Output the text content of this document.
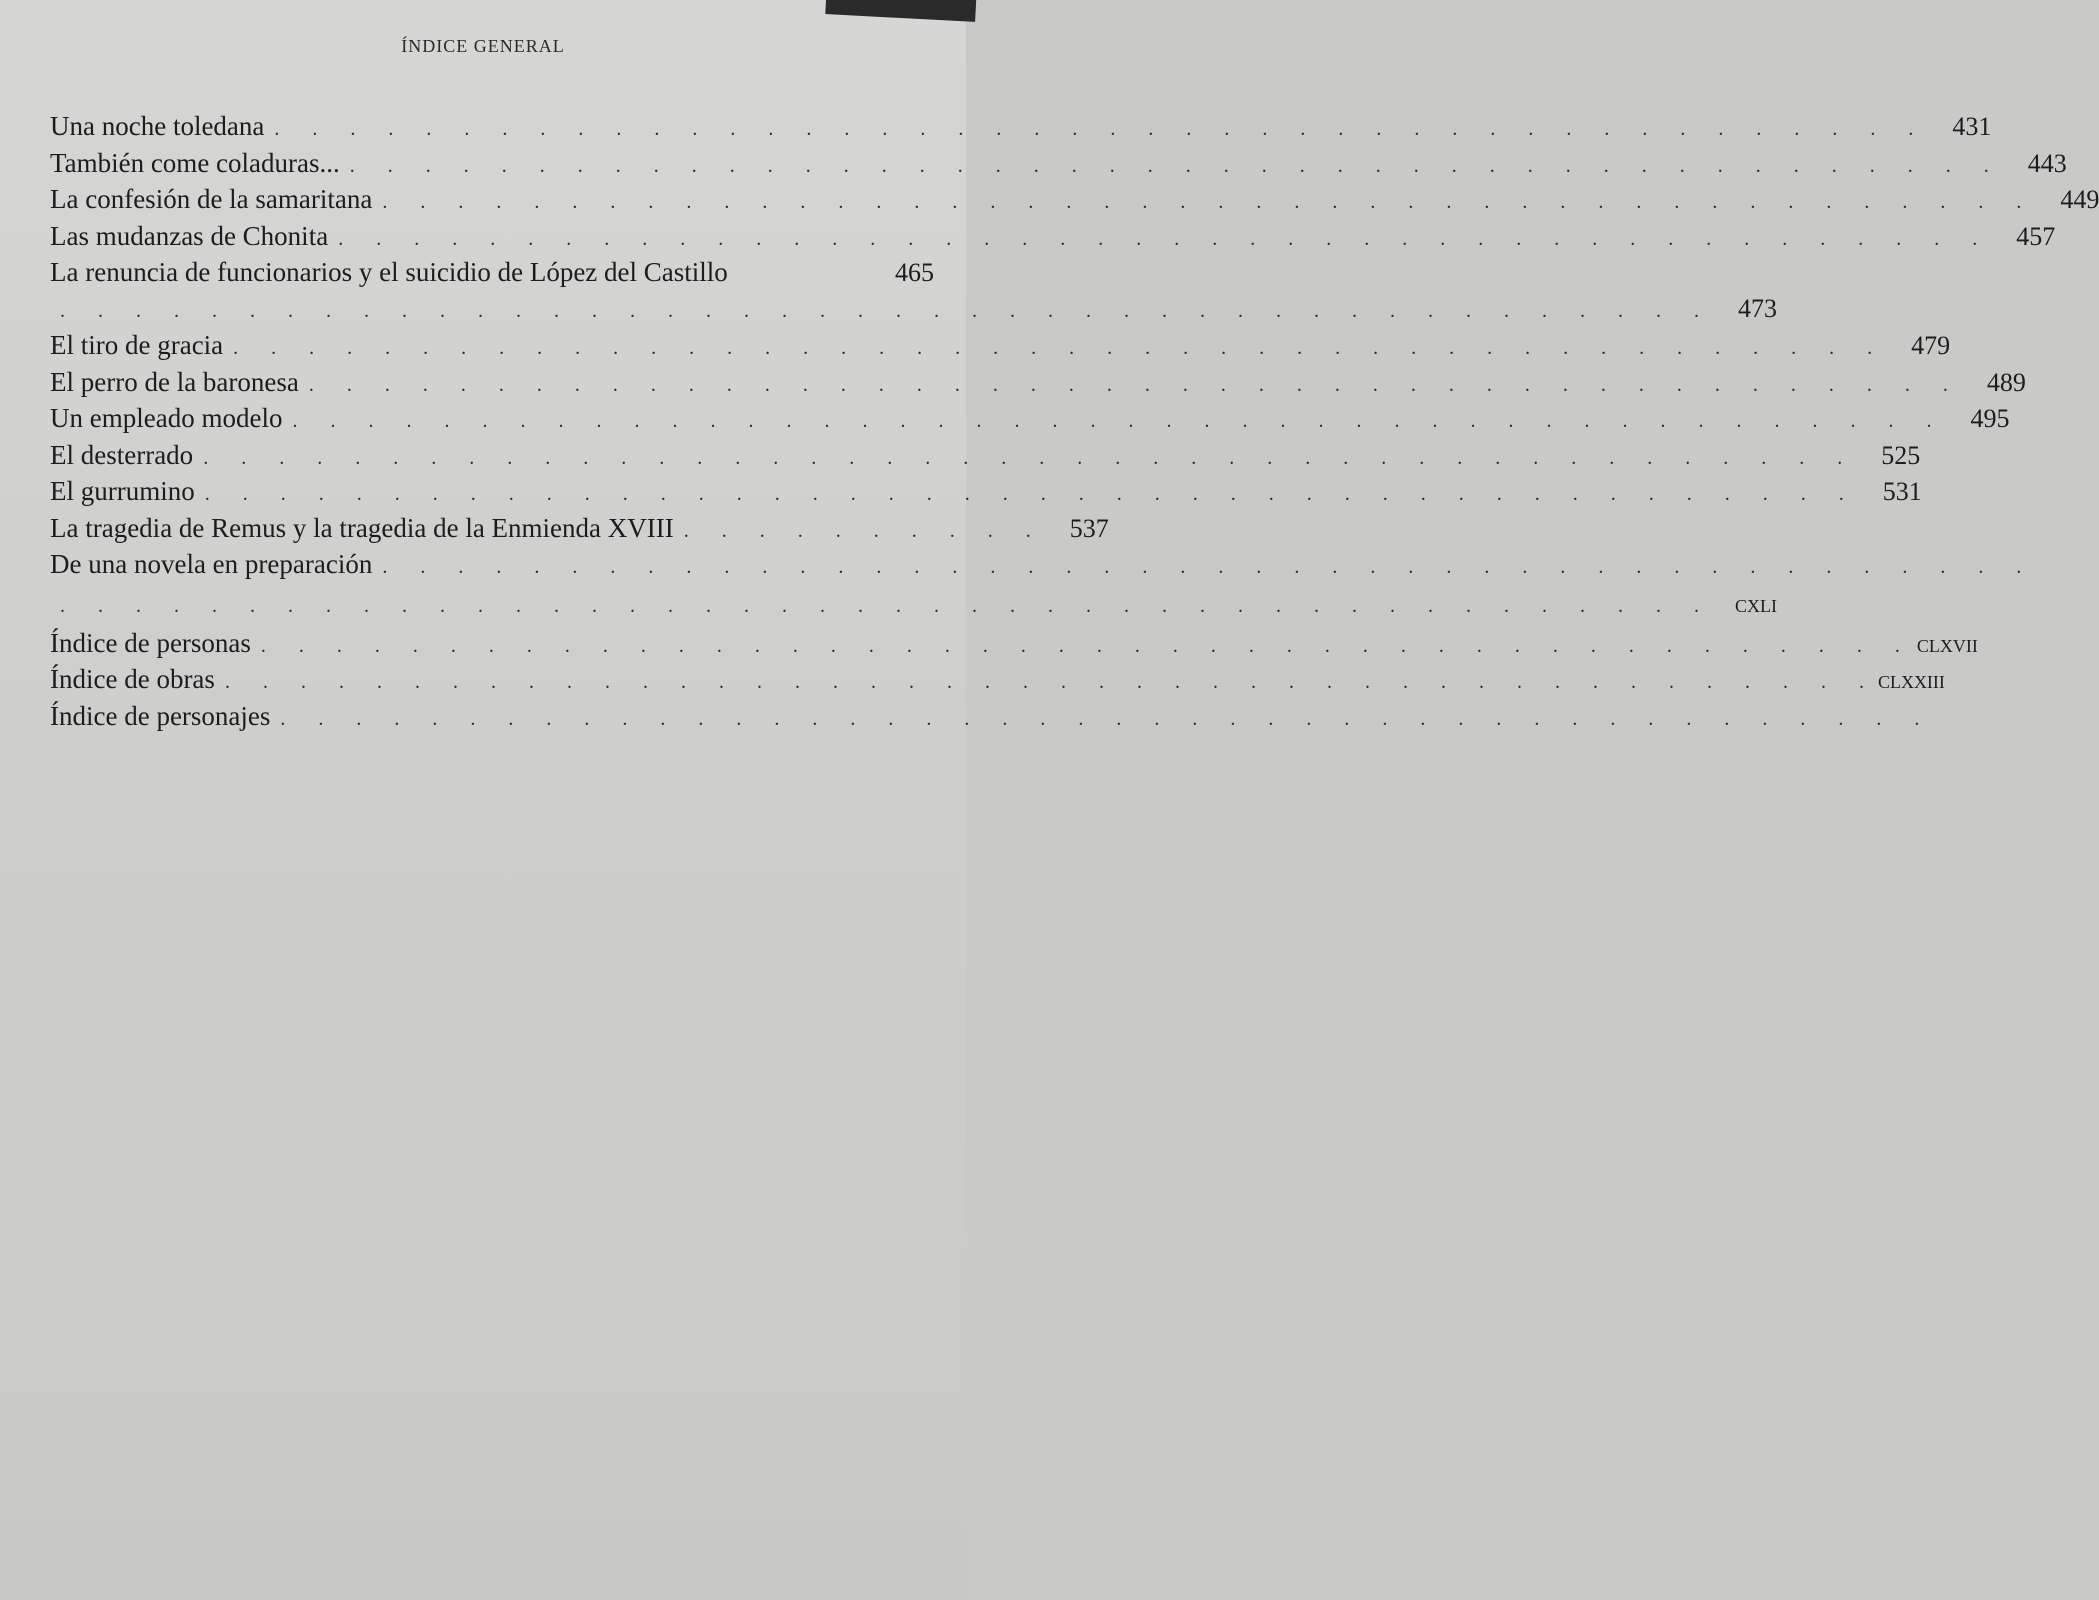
ÍNDICE GENERAL
Una noche toledana . . . . . . . . . . . . . . . . . . . . . . . . . . . . . . . . . . . . . . . . . . . . 431
También come coladuras... . . . . . . . . . . . . . . . . . . . . . . . . . . . . . . . . . . . . . . . . . . . . 443
La confesión de la samaritana . . . . . . . . . . . . . . . . . . . . . . . . . . . . . . . . . . . . . . . . . . . . 449
Las mudanzas de Chonita . . . . . . . . . . . . . . . . . . . . . . . . . . . . . . . . . . . . . . . . . . . . 457
La renuncia de funcionarios y el suicidio de López del Castillo	465
. . . . . . . . . . . . . . . . . . . . . . . . . . . . . . . . . . . . . . . . . . . . 473
El tiro de gracia . . . . . . . . . . . . . . . . . . . . . . . . . . . . . . . . . . . . . . . . . . . . 479
El perro de la baronesa . . . . . . . . . . . . . . . . . . . . . . . . . . . . . . . . . . . . . . . . . . . . 489
Un empleado modelo . . . . . . . . . . . . . . . . . . . . . . . . . . . . . . . . . . . . . . . . . . . . 495
El desterrado . . . . . . . . . . . . . . . . . . . . . . . . . . . . . . . . . . . . . . . . . . . . 525
El gurrumino . . . . . . . . . . . . . . . . . . . . . . . . . . . . . . . . . . . . . . . . . . . . 531
La tragedia de Remus y la tragedia de la Enmienda XVIII . . . . . . . . . . 537
De una novela en preparación . . . . . . . . . . . . . . . . . . . . . . . . . . . . . . . . . . . . . . . . . . . .
. . . . . . . . . . . . . . . . . . . . . . . . . . . . . . . . . . . . . . . . . . . .	CXLI
Índice de personas . . . . . . . . . . . . . . . . . . . . . . . . . . . . . . . . . . . . . . . . . . . . CLXVII
Índice de obras . . . . . . . . . . . . . . . . . . . . . . . . . . . . . . . . . . . . . . . . . . . . CLXXIII
Índice de personajes . . . . . . . . . . . . . . . . . . . . . . . . . . . . . . . . . . . . . . . . . . . .
